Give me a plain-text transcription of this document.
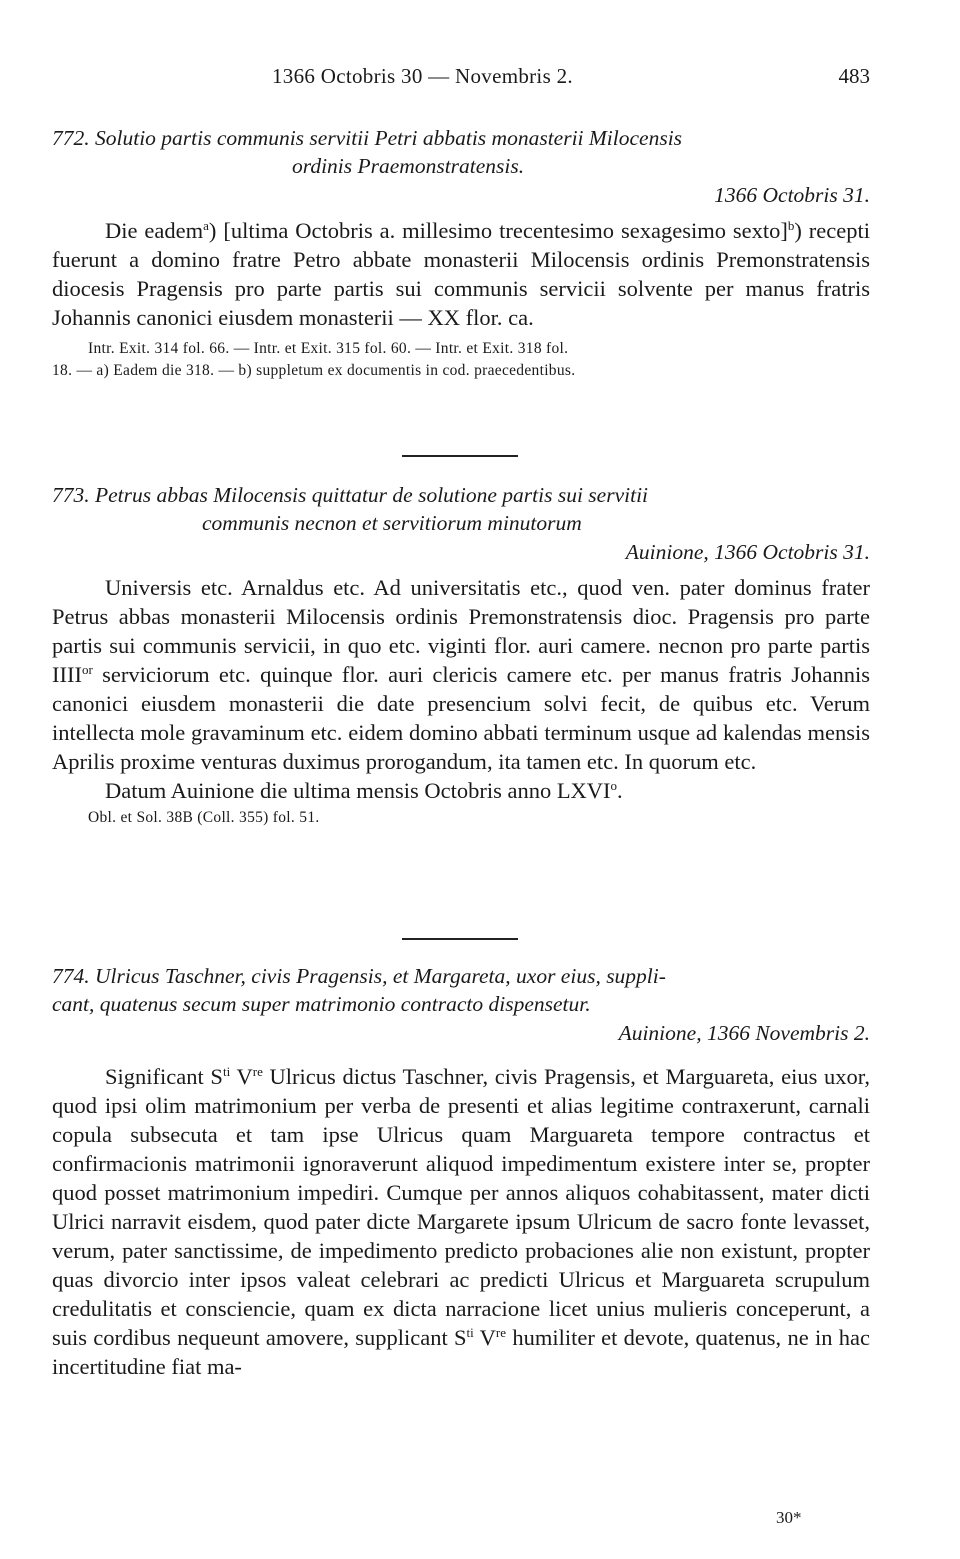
1366 Octobris 30 — Novembris 2.	483
772. Solutio partis communis servitii Petri abbatis monasterii Milocensis
ordinis Praemonstratensis.
1366 Octobris 31.
Die eadem$^a$) [ultima Octobris a. millesimo trecentesimo sexagesimo sexto]$^b$) recepti fuerunt a domino fratre Petro abbate monasterii Milocensis ordinis Premonstratensis diocesis Pragensis pro parte partis sui communis servicii solvente per manus fratris Johannis canonici eiusdem monasterii — XX flor. ca.
Intr. Exit. 314 fol. 66. — Intr. et Exit. 315 fol. 60. — Intr. et Exit. 318 fol.
18. — a) Eadem die 318. — b) suppletum ex documentis in cod. praecedentibus.
773. Petrus abbas Milocensis quittatur de solutione partis sui servitii
communis necnon et servitiorum minutorum
Auinione, 1366 Octobris 31.
Universis etc. Arnaldus etc. Ad universitatis etc., quod ven. pater dominus frater Petrus abbas monasterii Milocensis ordinis Premonstratensis dioc. Pragensis pro parte partis sui communis servicii, in quo etc. viginti flor. auri camere. necnon pro parte partis $IIII^{or}$ serviciorum etc. quinque flor. auri clericis camere etc. per manus fratris Johannis canonici eiusdem monasterii die date presencium solvi fecit, de quibus etc. Verum intellecta mole gravaminum etc. eidem domino abbati terminum usque ad kalendas mensis Aprilis proxime venturas duximus prorogandum, ita tamen etc. In quorum etc.
Datum Auinione die ultima mensis Octobris anno LXVI$^o$.
Obl. et Sol. 38B (Coll. 355) fol. 51.
774. Ulricus Taschner, civis Pragensis, et Margareta, uxor eius, suppli-
cant, quatenus secum super matrimonio contracto dispensetur.
Auinione, 1366 Novembris 2.
Significant $S^{ti}$ Vre Ulricus dictus Taschner, civis Pragensis, et Marguareta, eius uxor, quod ipsi olim matrimonium per verba de presenti et alias legitime contraxerunt, carnali copula subsecuta et tam ipse Ulricus quam Marguareta tempore contractus et confirmacionis matrimonii ignoraverunt aliquod impedimentum existere inter se, propter quod posset matrimonium impediri. Cumque per annos aliquos cohabitassent, mater dicti Ulrici narravit eisdem, quod pater dicte Margarete ipsum Ulricum de sacro fonte levasset, verum, pater sanctissime, de impedimento predicto probaciones alie non existunt, propter quas divorcio inter ipsos valeat celebrari ac predicti Ulricus et Marguareta scrupulum credulitatis et consciencie, quam ex dicta narracione licet unius mulieris conceperunt, a suis cordibus nequeunt amovere, supplicant $S^{ti}$ Vre humiliter et devote, quatenus, ne in hac incertitudine fiat ma-
30*
